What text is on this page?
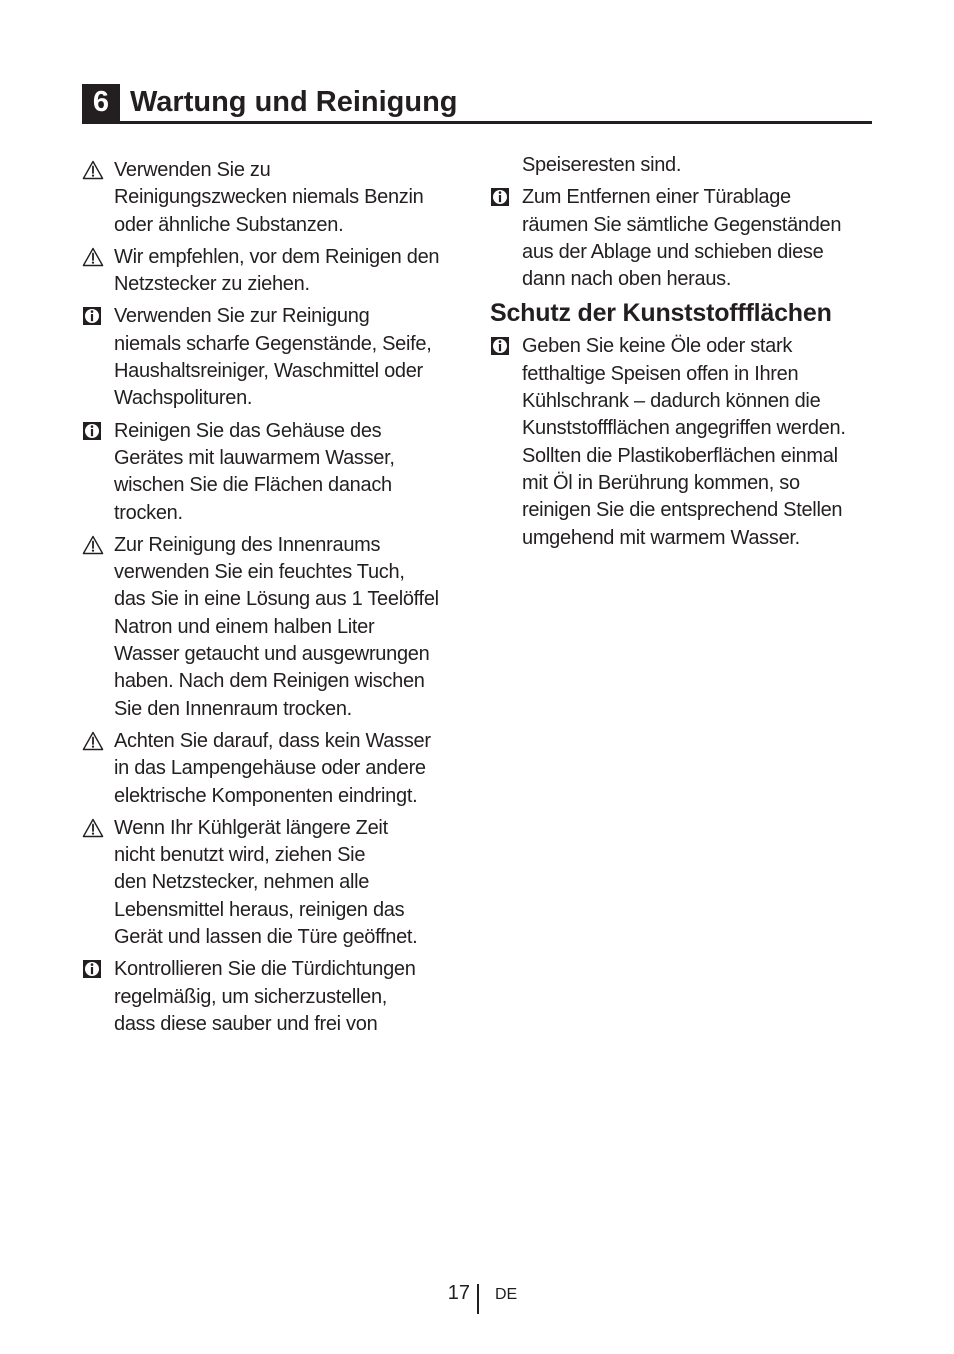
6 Wartung und Reinigung
Verwenden Sie zu
Reinigungszwecken niemals Benzin
oder ähnliche Substanzen.
Wir empfehlen, vor dem Reinigen den
Netzstecker zu ziehen.
Verwenden Sie zur Reinigung
niemals scharfe Gegenstände, Seife,
Haushaltsreiniger, Waschmittel oder
Wachspolituren.
Reinigen Sie das Gehäuse des
Gerätes mit lauwarmem Wasser,
wischen Sie die Flächen danach
trocken.
Zur Reinigung des Innenraums
verwenden Sie ein feuchtes Tuch,
das Sie in eine Lösung aus 1 Teelöffel
Natron und einem halben Liter
Wasser getaucht und ausgewrungen
haben. Nach dem Reinigen wischen
Sie den Innenraum trocken.
Achten Sie darauf, dass kein Wasser
in das Lampengehäuse oder andere
elektrische Komponenten eindringt.
Wenn Ihr Kühlgerät längere Zeit
nicht benutzt wird, ziehen Sie
den Netzstecker, nehmen alle
Lebensmittel heraus, reinigen das
Gerät und lassen die Türe geöffnet.
Kontrollieren Sie die Türdichtungen
regelmäßig, um sicherzustellen,
dass diese sauber und frei von
Speiseresten sind.
Zum Entfernen einer Türablage
räumen Sie sämtliche Gegenständen
aus der Ablage und schieben diese
dann nach oben heraus.
Schutz der Kunststoffflächen
Geben Sie keine Öle oder stark
fetthaltige Speisen offen in Ihren
Kühlschrank – dadurch können die
Kunststoffflächen angegriffen werden.
Sollten die Plastikoberflächen einmal
mit Öl in Berührung kommen, so
reinigen Sie die entsprechend Stellen
umgehend mit warmem Wasser.
17 DE
